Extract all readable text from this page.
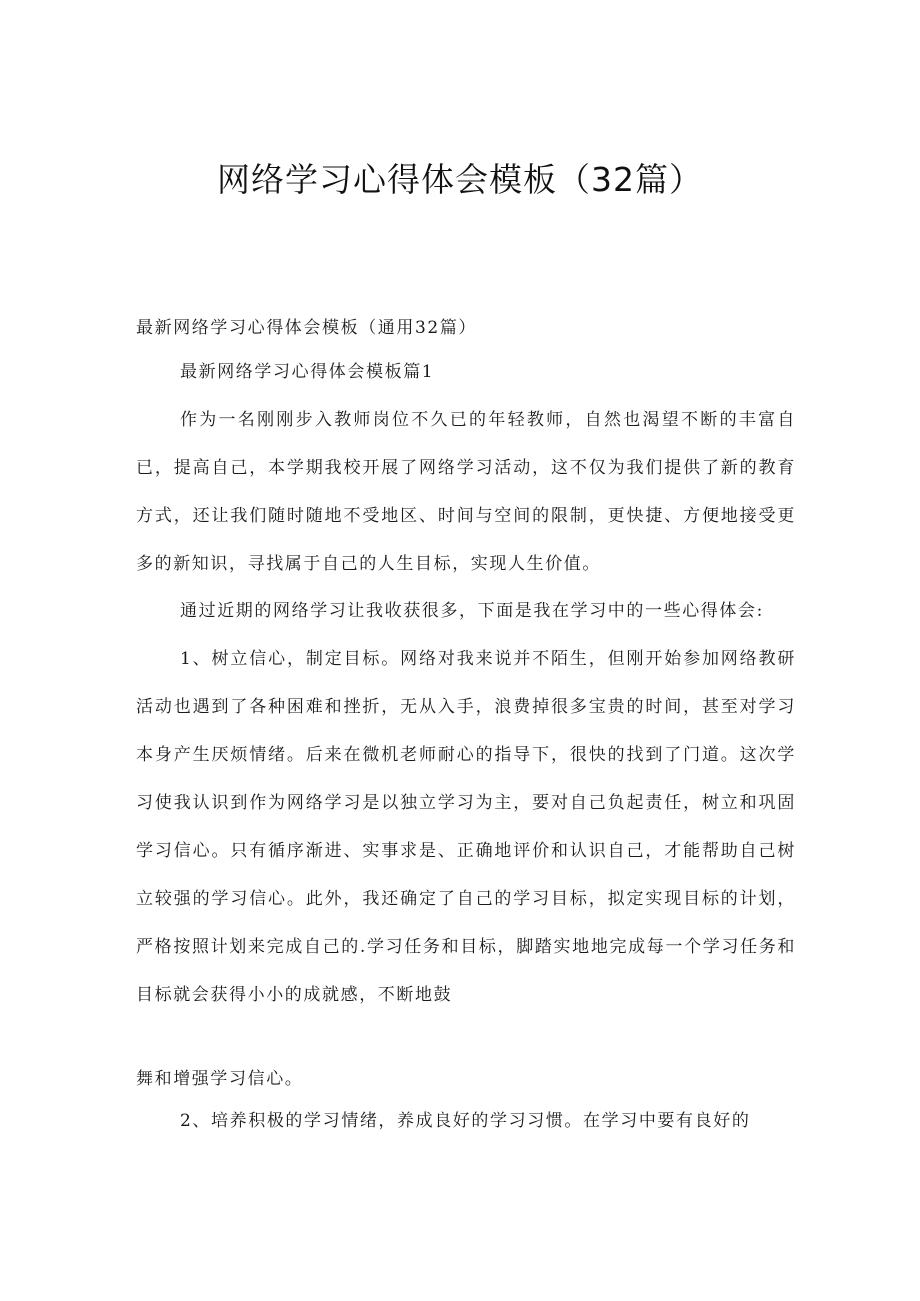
网络学习心得体会模板（32篇）

最新网络学习心得体会模板（通用32篇）

最新网络学习心得体会模板篇1

作为一名刚刚步入教师岗位不久已的年轻教师，自然也渴望不断的丰富自已，提高自己，本学期我校开展了网络学习活动，这不仅为我们提供了新的教育方式，还让我们随时随地不受地区、时间与空间的限制，更快捷、方便地接受更多的新知识，寻找属于自己的人生目标，实现人生价值。

通过近期的网络学习让我收获很多，下面是我在学习中的一些心得体会:

1、树立信心，制定目标。网络对我来说并不陌生，但刚开始参加网络教研活动也遇到了各种困难和挫折，无从入手，浪费掉很多宝贵的时间，甚至对学习本身产生厌烦情绪。后来在微机老师耐心的指导下，很快的找到了门道。这次学习使我认识到作为网络学习是以独立学习为主，要对自己负起责任，树立和巩固学习信心。只有循序渐进、实事求是、正确地评价和认识自己，才能帮助自己树立较强的学习信心。此外，我还确定了自己的学习目标，拟定实现目标的计划，严格按照计划来完成自己的.学习任务和目标，脚踏实地地完成每一个学习任务和目标就会获得小小的成就感，不断地鼓

舞和增强学习信心。

2、培养积极的学习情绪，养成良好的学习习惯。在学习中要有良好的
